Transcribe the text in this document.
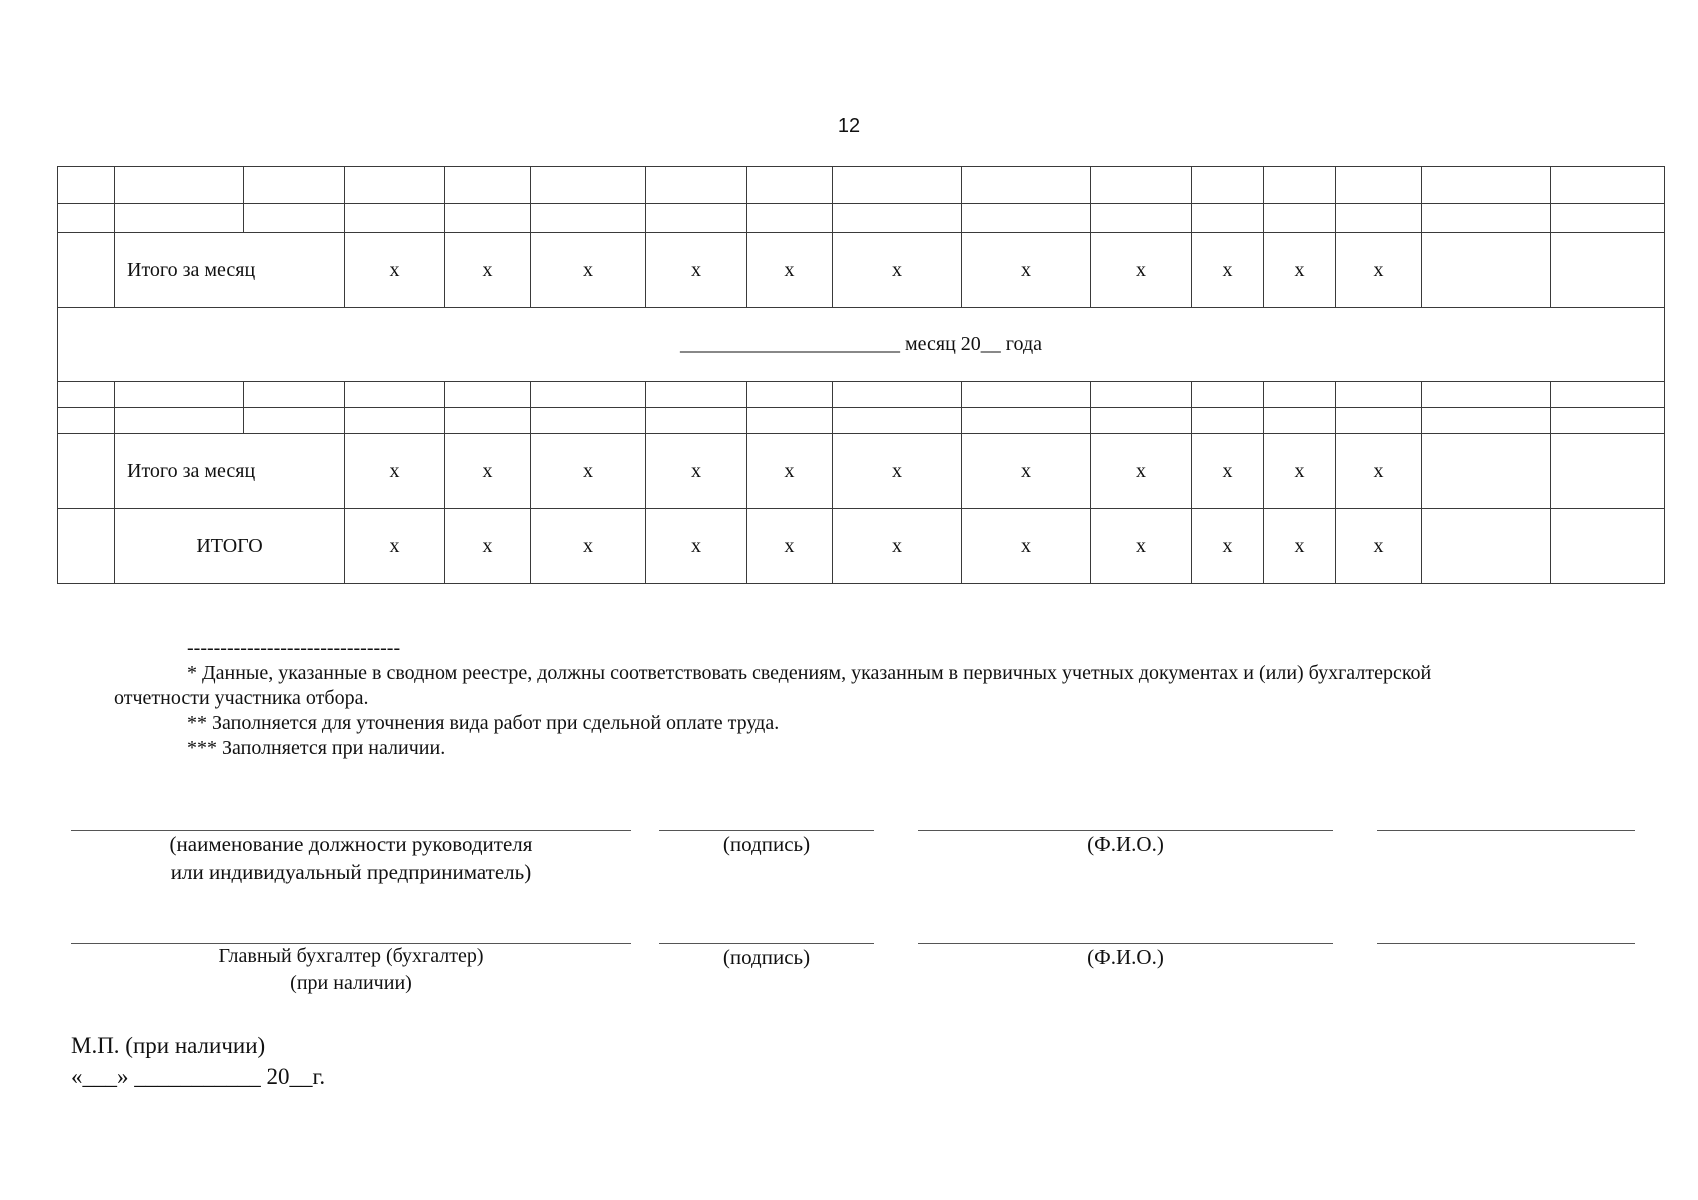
12

	Итого за месяц		х	х	х	х	х	х	х	х	х	х	х		
______________________ месяц 20__ года															

	Итого за месяц		х	х	х	х	х	х	х	х	х	х	х		
	ИТОГО		х	х	х	х	х	х	х	х	х	х	х		
--------------------------------
* Данные, указанные в сводном реестре, должны соответствовать сведениям, указанным в первичных учетных документах и (или) бухгалтерской
отчетности участника отбора.
** Заполняется для уточнения вида работ при сдельной оплате труда.
*** Заполняется при наличии.
(наименование должности руководителя
или индивидуальный предприниматель)
(подпись)	(Ф.И.О.)
Главный бухгалтер (бухгалтер)
(при наличии)
(подпись)	(Ф.И.О.)
М.П. (при наличии)
«___» ___________ 20__г.
